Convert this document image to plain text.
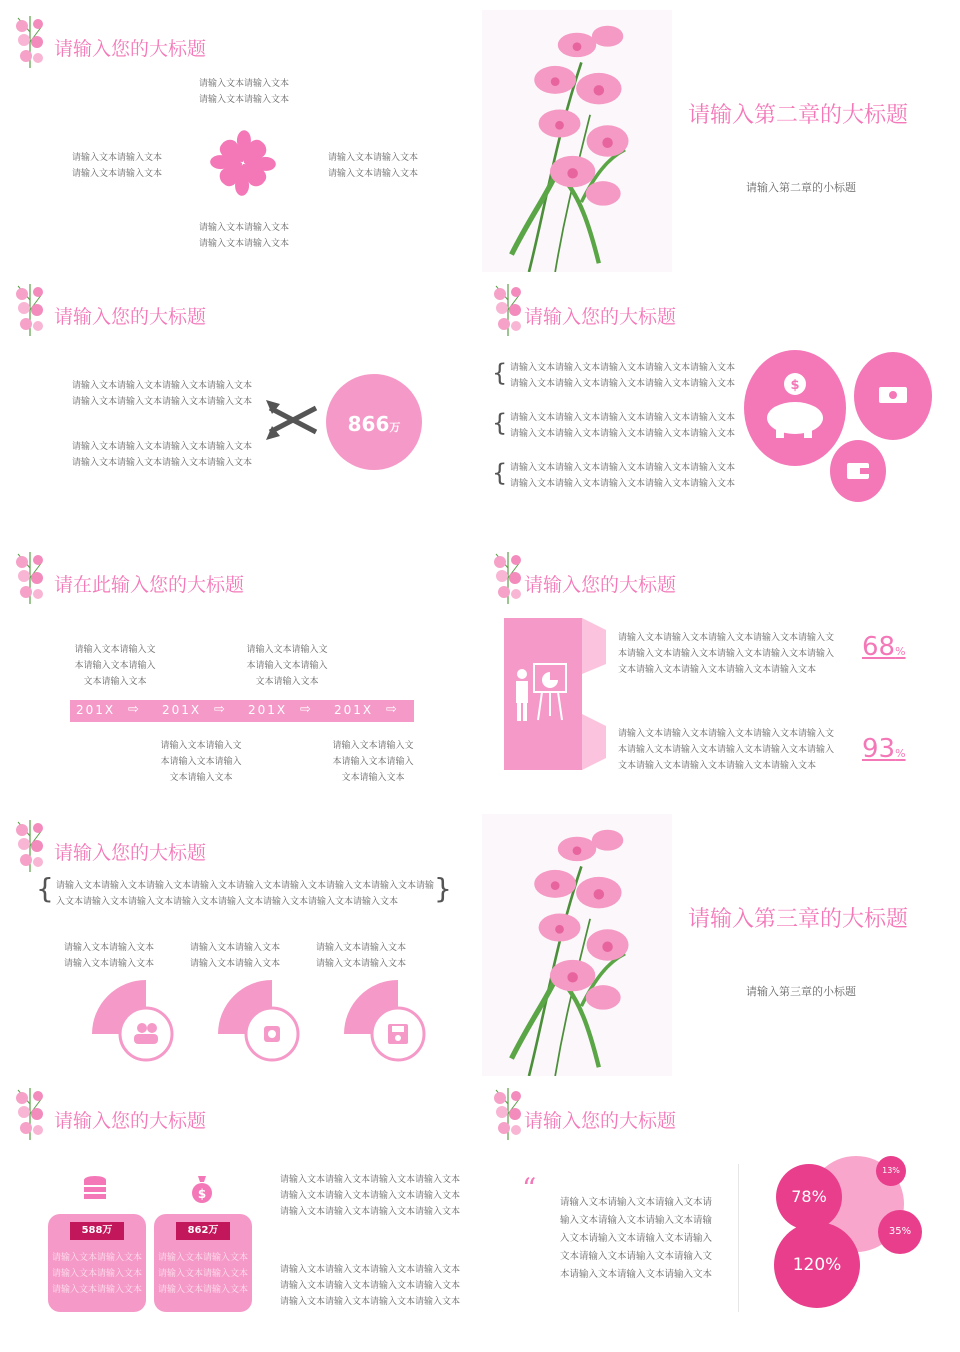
请输入您的大标题
请输入文本请输入文本
请输入文本请输入文本
请输入文本请输入文本
请输入文本请输入文本
请输入文本请输入文本
请输入文本请输入文本
请输入文本请输入文本
请输入文本请输入文本
请输入第二章的大标题
请输入第二章的小标题
请输入您的大标题
请输入文本请输入文本请输入文本请输入文本
请输入文本请输入文本请输入文本请输入文本
请输入文本请输入文本请输入文本请输入文本
请输入文本请输入文本请输入文本请输入文本
866万
请输入您的大标题
{ 请输入文本请输入文本请输入文本请输入文本请输入文本
请输入文本请输入文本请输入文本请输入文本请输入文本
{ 请输入文本请输入文本请输入文本请输入文本请输入文本
请输入文本请输入文本请输入文本请输入文本请输入文本
{ 请输入文本请输入文本请输入文本请输入文本请输入文本
请输入文本请输入文本请输入文本请输入文本请输入文本
$
请在此输入您的大标题
请输入文本请输入文
本请输入文本请输入
文本请输入文本
请输入文本请输入文
本请输入文本请输入
文本请输入文本
201X ⇨ 201X ⇨ 201X ⇨ 201X ⇨
请输入文本请输入文
本请输入文本请输入
文本请输入文本
请输入文本请输入文
本请输入文本请输入
文本请输入文本
请输入您的大标题
请输入文本请输入文本请输入文本请输入文本请输入文
本请输入文本请输入文本请输入文本请输入文本请输入
文本请输入文本请输入文本请输入文本请输入文本
68%
请输入文本请输入文本请输入文本请输入文本请输入文
本请输入文本请输入文本请输入文本请输入文本请输入
文本请输入文本请输入文本请输入文本请输入文本
93%
请输入您的大标题
{ 请输入文本请输入文本请输入文本请输入文本请输入文本请输入文本请输入文本请输入文本请输
入文本请输入文本请输入文本请输入文本请输入文本请输入文本请输入文本请输入文本	}
请输入文本请输入文本
请输入文本请输入文本
请输入文本请输入文本
请输入文本请输入文本
请输入文本请输入文本
请输入文本请输入文本
请输入第三章的大标题
请输入第三章的小标题
请输入您的大标题
$
588万
请输入文本请输入文本
请输入文本请输入文本
请输入文本请输入文本
862万
请输入文本请输入文本
请输入文本请输入文本
请输入文本请输入文本
请输入文本请输入文本请输入文本请输入文本
请输入文本请输入文本请输入文本请输入文本
请输入文本请输入文本请输入文本请输入文本
请输入文本请输入文本请输入文本请输入文本
请输入文本请输入文本请输入文本请输入文本
请输入文本请输入文本请输入文本请输入文本
请输入您的大标题
“ 请输入文本请输入文本请输入文本请
输入文本请输入文本请输入文本请输
入文本请输入文本请输入文本请输入
文本请输入文本请输入文本请输入文
本请输入文本请输入文本请输入文本
78%
13%
35%
120%
